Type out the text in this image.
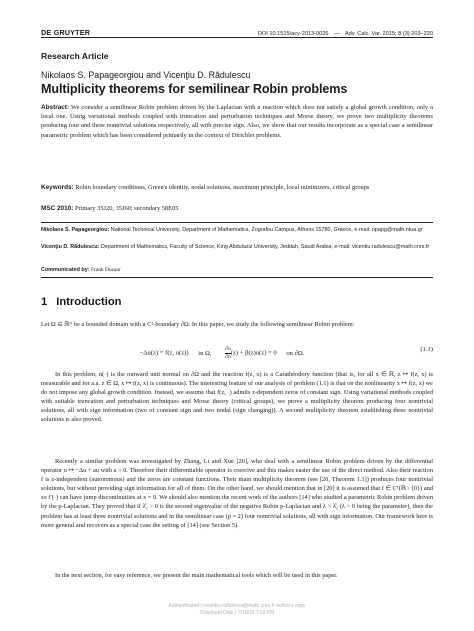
DE GRUYTER	DOI 10.1515/acv-2013-0026 — Adv. Calc. Var. 2015; 8 (3):203–220
Research Article
Nikolaos S. Papageorgiou and Vicenţiu D. Rădulescu
Multiplicity theorems for semilinear Robin problems
Abstract: We consider a semilinear Robin problem driven by the Laplacian with a reaction which does not satisfy a global growth condition, only a local one. Using variational methods coupled with truncation and perturbation techniques and Morse theory, we prove two multiplicity theorems producing four and three nontrivial solutions respectively, all with precise sign. Also, we show that our results incorporate as a special case a semilinear parametric problem which has been considered primarily in the context of Dirichlet problems.
Keywords: Robin boundary conditions, Green's identity, nodal solutions, maximum principle, local minimizers, critical groups
MSC 2010: Primary 35J20, 35J60; secondary 58E05
Nikolaos S. Papageorgiou: National Technical University, Department of Mathematics, Zografou Campus, Athens 15780, Greece, e-mail: npapg@math.ntua.gr
Vicenţiu D. Rădulescu: Department of Mathematics, Faculty of Science, King Abdulaziz University, Jeddah, Saudi Arabia, e-mail: vicentiu.radulescu@math.cnrs.fr
Communicated by: Frank Duzaar
1 Introduction
Let Ω ⊆ ℝᴺ be a bounded domain with a C²-boundary ∂Ω. In this paper, we study the following semilinear Robin problem:
−Δu(z) = f(z, u(z)) in Ω, $\frac{\partial u}{\partial n} (z) + \beta(z)u(z) = 0$ on ∂Ω.
(1.1)
In this problem, n(·) is the outward unit normal on ∂Ω and the reaction f(z, x) is a Carathéodory function (that is, for all x ∈ ℝ, z ↦ f(z, x) is measurable and for a.a. z ∈ Ω, x ↦ f(z, x) is continuous). The interesting feature of our analysis of problem (1.1) is that on the nonlinearity x ↦ f(z, x) we do not impose any global growth condition. Instead, we assume that f(z, ·) admits z-dependent zeros of constant sign. Using variational methods coupled with suitable truncation and perturbation techniques and Morse theory (critical groups), we prove a multiplicity theorem producing four nontrivial solutions, all with sign information (two of constant sign and two nodal (sign changing)). A second multiplicity theorem establishing three nontrivial solutions is also proved.
Recently a similar problem was investigated by Zhang, Li and Xue [20], who deal with a semilinear Robin problem driven by the differential operator u ↦ −Δu + au with a > 0. Therefore their differentiable operator is coercive and this makes easier the use of the direct method. Also their reaction f is z-independent (autonomous) and the zeros are constant functions. Their main multiplicity theorem (see [20, Theorem 1.1]) produces four nontrivial solutions, but without providing sign information for all of them. On the other hand, we should mention that in [20] it is assumed that f ∈ C¹(ℝ \ {0}) and so f′(·) can have jump discontinuities at x = 0. We should also mention the recent work of the authors [14] who studied a parametric Robin problem driven by the p-Laplacian. They proved that if λ̂₂ > 0 is the second eigenvalue of the negative Robin p-Laplacian and λ > λ̂₂ (λ > 0 being the parameter), then the problem has at least three nontrivial solutions and in the semilinear case (p = 2) four nontrivial solutions, all with sign information. Our framework here is more general and recovers as a special case the setting of [14] (see Section 5).
In the next section, for easy reference, we present the main mathematical tools which will be used in this paper.
Authenticated | vicentiu.radulescu@math.cnrs.fr author's copy
Download Date | 7/10/15 7:22 PM
